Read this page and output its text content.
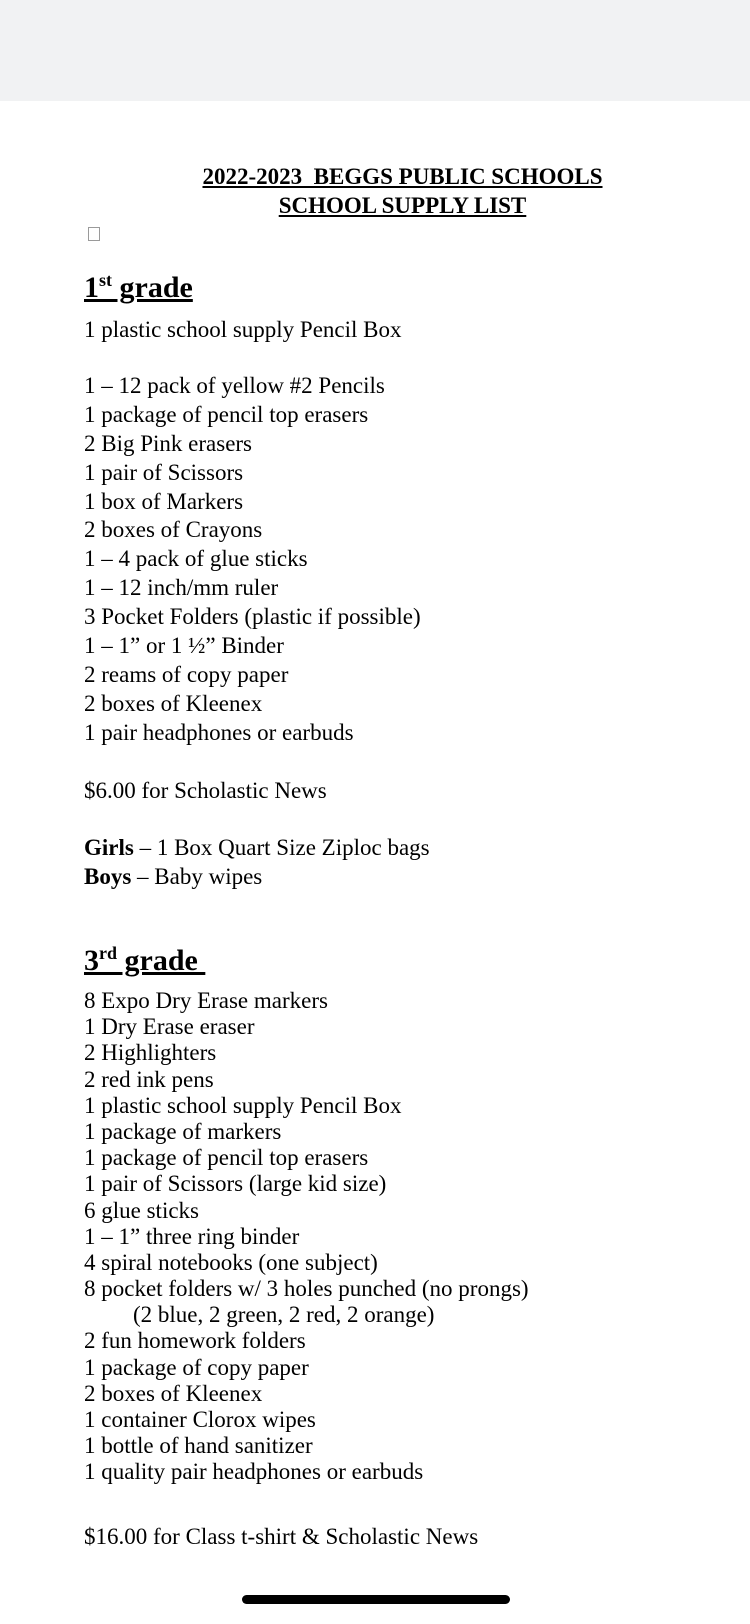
2022-2023  BEGGS PUBLIC SCHOOLS
SCHOOL SUPPLY LIST
1st grade
1 plastic school supply Pencil Box
1 – 12 pack of yellow #2 Pencils
1 package of pencil top erasers
2 Big Pink erasers
1 pair of Scissors
1 box of Markers
2 boxes of Crayons
1 – 4 pack of glue sticks
1 – 12 inch/mm ruler
3 Pocket Folders (plastic if possible)
1 – 1” or 1 ½” Binder
2 reams of copy paper
2 boxes of Kleenex
1 pair headphones or earbuds
$6.00 for Scholastic News
Girls – 1 Box Quart Size Ziploc bags
Boys – Baby wipes
3rd grade
8 Expo Dry Erase markers
1 Dry Erase eraser
2 Highlighters
2 red ink pens
1 plastic school supply Pencil Box
1 package of markers
1 package of pencil top erasers
1 pair of Scissors (large kid size)
6 glue sticks
1 – 1” three ring binder
4 spiral notebooks (one subject)
8 pocket folders w/ 3 holes punched (no prongs)
(2 blue, 2 green, 2 red, 2 orange)
2 fun homework folders
1 package of copy paper
2 boxes of Kleenex
1 container Clorox wipes
1 bottle of hand sanitizer
1 quality pair headphones or earbuds
$16.00 for Class t-shirt & Scholastic News
